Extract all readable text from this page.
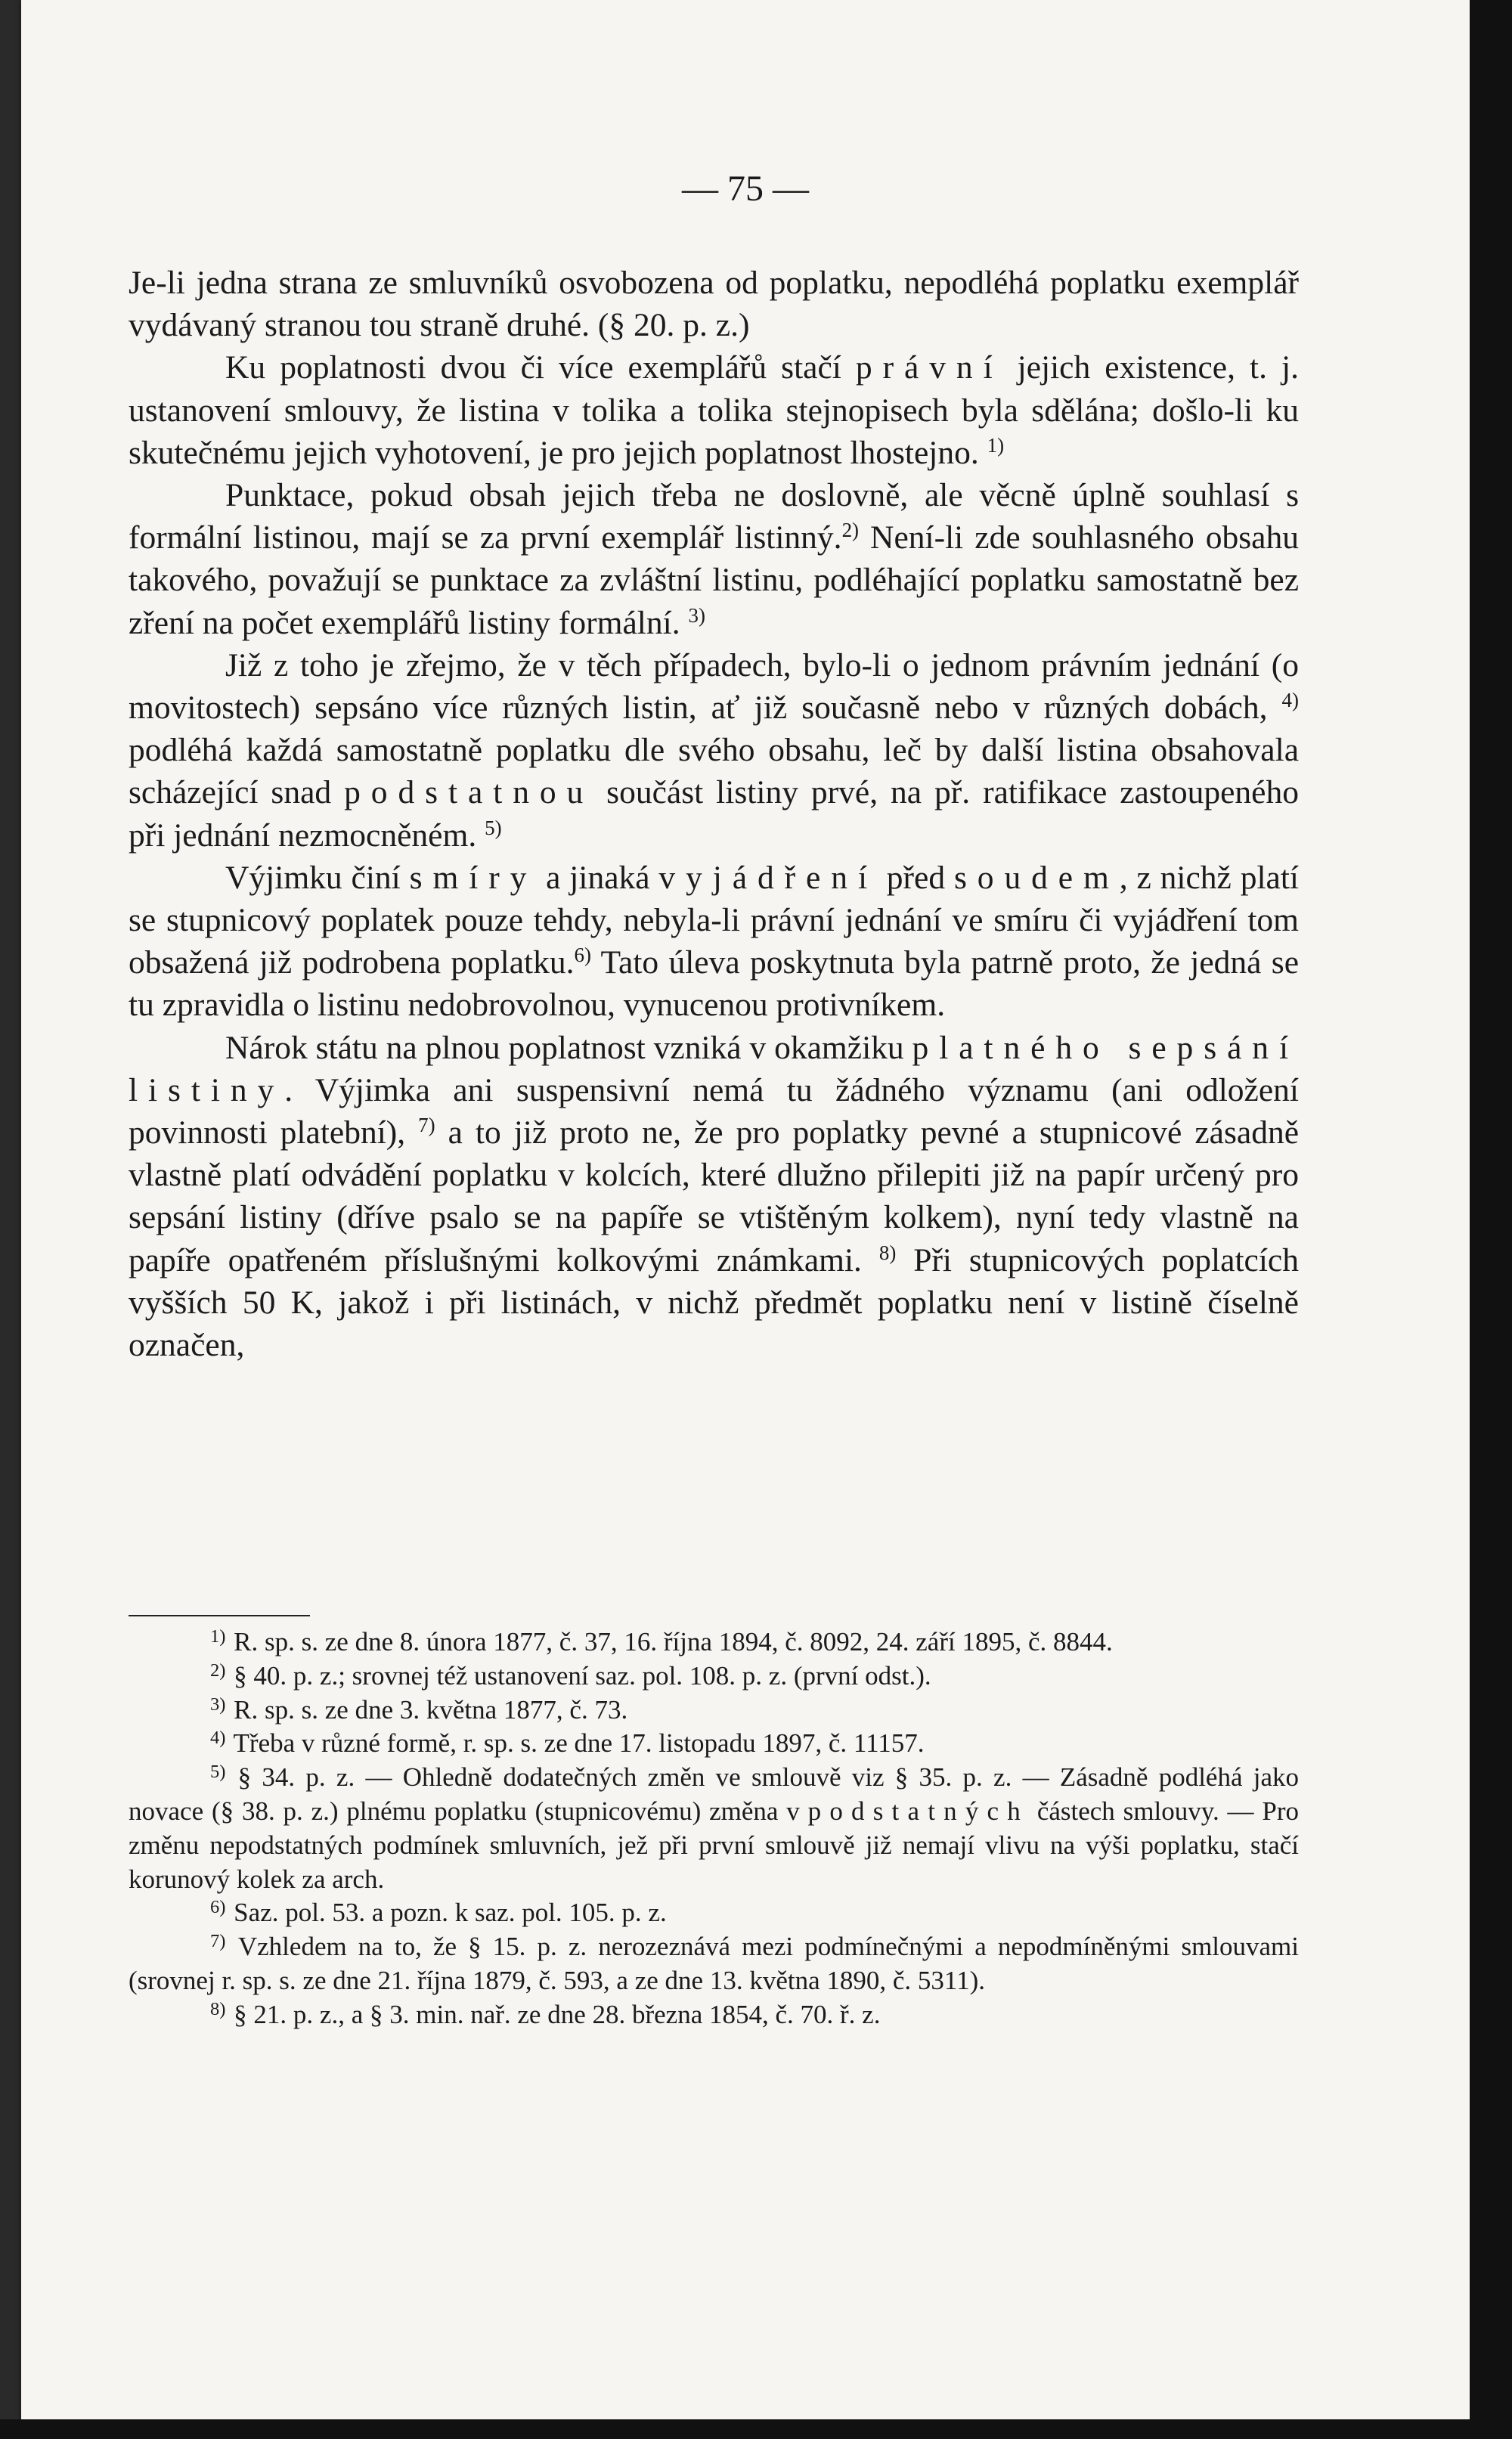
— 75 —

Je-li jedna strana ze smluvníků osvobozena od poplatku, nepodléhá poplatku exemplář vydávaný stranou tou straně druhé. (§ 20. p. z.)

Ku poplatnosti dvou či více exemplářů stačí právní jejich existence, t. j. ustanovení smlouvy, že listina v tolika a tolika stejnopisech byla sdělána; došlo-li ku skutečnému jejich vyhotovení, je pro jejich poplatnost lhostejno. $^{1)}$

Punktace, pokud obsah jejich třeba ne doslovně, ale věcně úplně souhlasí s formální listinou, mají se za první exemplář listinný.$^{2)}$ Není-li zde souhlasného obsahu takového, považují se punktace za zvláštní listinu, podléhající poplatku samostatně bez zření na počet exemplářů listiny formální. $^{3)}$

Již z toho je zřejmo, že v těch případech, bylo-li o jednom právním jednání (o movitostech) sepsáno více různých listin, ať již současně nebo v různých dobách, $^{4)}$ podléhá každá samostatně poplatku dle svého obsahu, leč by další listina obsahovala scházející snad podstatnou součást listiny prvé, na př. ratifikace zastoupeného při jednání nezmocněném. $^{5)}$

Výjimku činí smíry a jinaká vyjádření před soudem, z nichž platí se stupnicový poplatek pouze tehdy, nebyla-li právní jednání ve smíru či vyjádření tom obsažená již podrobena poplatku.$^{6)}$ Tato úleva poskytnuta byla patrně proto, že jedná se tu zpravidla o listinu nedobrovolnou, vynucenou protivníkem.

Nárok státu na plnou poplatnost vzniká v okamžiku platného sepsání listiny. Výjimka ani suspensivní nemá tu žádného významu (ani odložení povinnosti platební), $^{7)}$ a to již proto ne, že pro poplatky pevné a stupnicové zásadně vlastně platí odvádění poplatku v kolcích, které dlužno přilepiti již na papír určený pro sepsání listiny (dříve psalo se na papíře se vtištěným kolkem), nyní tedy vlastně na papíře opatřeném příslušnými kolkovými známkami. $^{8)}$ Při stupnicových poplatcích vyšších 50 K, jakož i při listinách, v nichž předmět poplatku není v listině číselně označen,

$^{1)}$ R. sp. s. ze dne 8. února 1877, č. 37, 16. října 1894, č. 8092, 24. září 1895, č. 8844.

$^{2)}$ § 40. p. z.; srovnej též ustanovení saz. pol. 108. p. z. (první odst.).

$^{3)}$ R. sp. s. ze dne 3. května 1877, č. 73.

$^{4)}$ Třeba v různé formě, r. sp. s. ze dne 17. listopadu 1897, č. 11157.

$^{5)}$ § 34. p. z. — Ohledně dodatečných změn ve smlouvě viz § 35. p. z. — Zásadně podléhá jako novace (§ 38. p. z.) plnému poplatku (stupnicovému) změna v podstatných částech smlouvy. — Pro změnu nepodstatných podmínek smluvních, jež při první smlouvě již nemají vlivu na výši poplatku, stačí korunový kolek za arch.

$^{6)}$ Saz. pol. 53. a pozn. k saz. pol. 105. p. z.

$^{7)}$ Vzhledem na to, že § 15. p. z. nerozeznává mezi podmínečnými a nepodmíněnými smlouvami (srovnej r. sp. s. ze dne 21. října 1879, č. 593, a ze dne 13. května 1890, č. 5311).

$^{8)}$ § 21. p. z., a § 3. min. nař. ze dne 28. března 1854, č. 70. ř. z.
